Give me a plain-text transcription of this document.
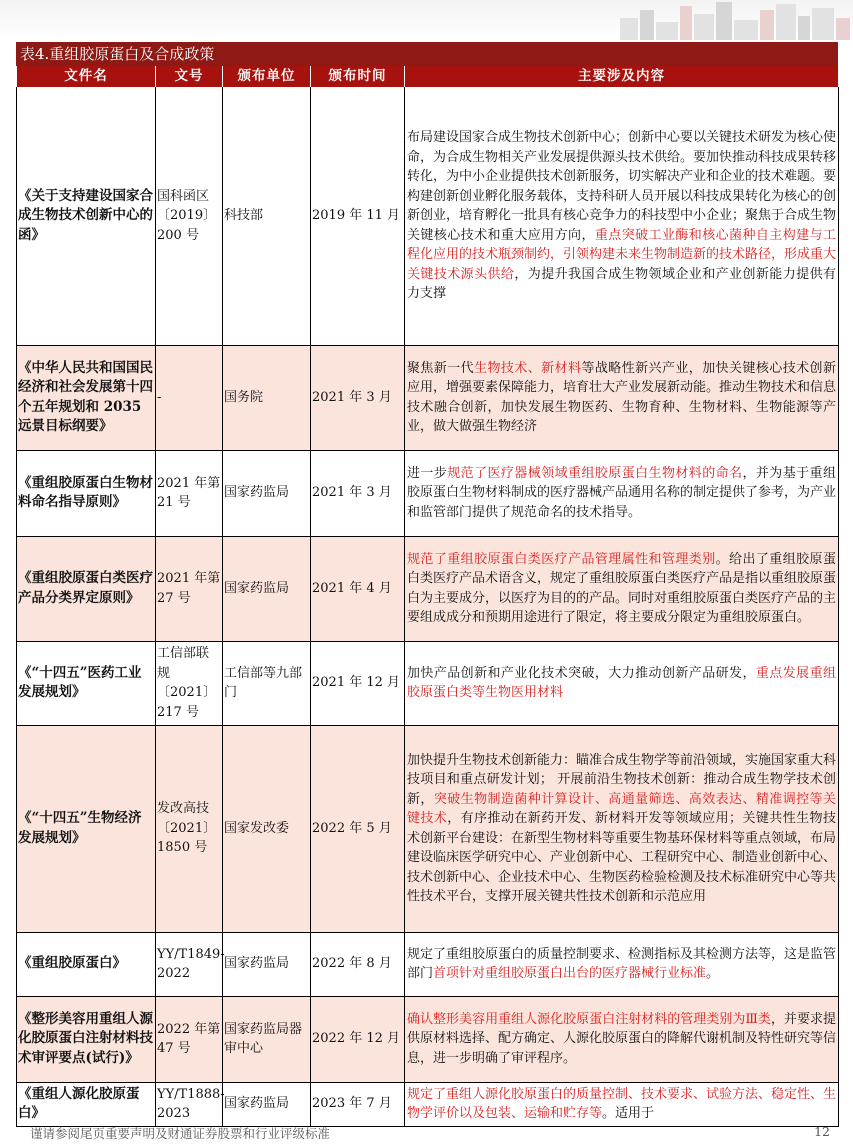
表4.重组胶原蛋白及合成政策
文件名	文号	颁布单位	颁布时间	主要涉及内容
《关于支持建设国家合成生物技术创新中心的函》	国科函区〔2019〕200 号	科技部	2019 年 11 月	布局建设国家合成生物技术创新中心；创新中心要以关键技术研发为核心使命，为合成生物相关产业发展提供源头技术供给。要加快推动科技成果转移转化，为中小企业提供技术创新服务，切实解决产业和企业的技术难题。要构建创新创业孵化服务载体，支持科研人员开展以科技成果转化为核心的创新创业，培育孵化一批具有核心竞争力的科技型中小企业；聚焦于合成生物关键核心技术和重大应用方向，重点突破工业酶和核心菌种自主构建与工程化应用的技术瓶颈制约，引领构建未来生物制造新的技术路径，形成重大关键技术源头供给，为提升我国合成生物领域企业和产业创新能力提供有力支撑
《中华人民共和国国民经济和社会发展第十四个五年规划和 2035 远景目标纲要》	-	国务院	2021 年 3 月	聚焦新一代生物技术、新材料等战略性新兴产业，加快关键核心技术创新应用，增强要素保障能力，培育壮大产业发展新动能。推动生物技术和信息技术融合创新，加快发展生物医药、生物育种、生物材料、生物能源等产业，做大做强生物经济
《重组胶原蛋白生物材料命名指导原则》	2021 年第 21 号	国家药监局	2021 年 3 月	进一步规范了医疗器械领域重组胶原蛋白生物材料的命名，并为基于重组胶原蛋白生物材料制成的医疗器械产品通用名称的制定提供了参考，为产业和监管部门提供了规范命名的技术指导。
《重组胶原蛋白类医疗产品分类界定原则》	2021 年第 27 号	国家药监局	2021 年 4 月	规范了重组胶原蛋白类医疗产品管理属性和管理类别。给出了重组胶原蛋白类医疗产品术语含义，规定了重组胶原蛋白类医疗产品是指以重组胶原蛋白为主要成分，以医疗为目的的产品。同时对重组胶原蛋白类医疗产品的主要组成成分和预期用途进行了限定，将主要成分限定为重组胶原蛋白。
《“十四五”医药工业发展规划》	工信部联规〔2021〕217 号	工信部等九部门	2021 年 12 月	加快产品创新和产业化技术突破，大力推动创新产品研发，重点发展重组胶原蛋白类等生物医用材料
《“十四五”生物经济发展规划》	发改高技〔2021〕1850 号	国家发改委	2022 年 5 月	加快提升生物技术创新能力：瞄准合成生物学等前沿领域，实施国家重大科技项目和重点研发计划； 开展前沿生物技术创新：推动合成生物学技术创新，突破生物制造菌种计算设计、高通量筛选、高效表达、精准调控等关键技术，有序推动在新药开发、新材料开发等领域应用；关键共性生物技术创新平台建设：在新型生物材料等重要生物基环保材料等重点领域，布局建设临床医学研究中心、产业创新中心、工程研究中心、制造业创新中心、技术创新中心、企业技术中心、生物医药检验检测及技术标准研究中心等共性技术平台，支撑开展关键共性技术创新和示范应用
《重组胶原蛋白》	YY/T1849-2022	国家药监局	2022 年 8 月	规定了重组胶原蛋白的质量控制要求、检测指标及其检测方法等，这是监管部门首项针对重组胶原蛋白出台的医疗器械行业标准。
《整形美容用重组人源化胶原蛋白注射材料技术审评要点(试行)》	2022 年第 47 号	国家药监局器审中心	2022 年 12 月	确认整形美容用重组人源化胶原蛋白注射材料的管理类别为Ⅲ类，并要求提供原材料选择、配方确定、人源化胶原蛋白的降解代谢机制及特性研究等信息，进一步明确了审评程序。
《重组人源化胶原蛋白》	YY/T1888-2023	国家药监局	2023 年 7 月	规定了重组人源化胶原蛋白的质量控制、技术要求、试验方法、稳定性、生物学评价以及包装、运输和贮存等。适用于
谨请参阅尾页重要声明及财通证券股票和行业评级标准	12
